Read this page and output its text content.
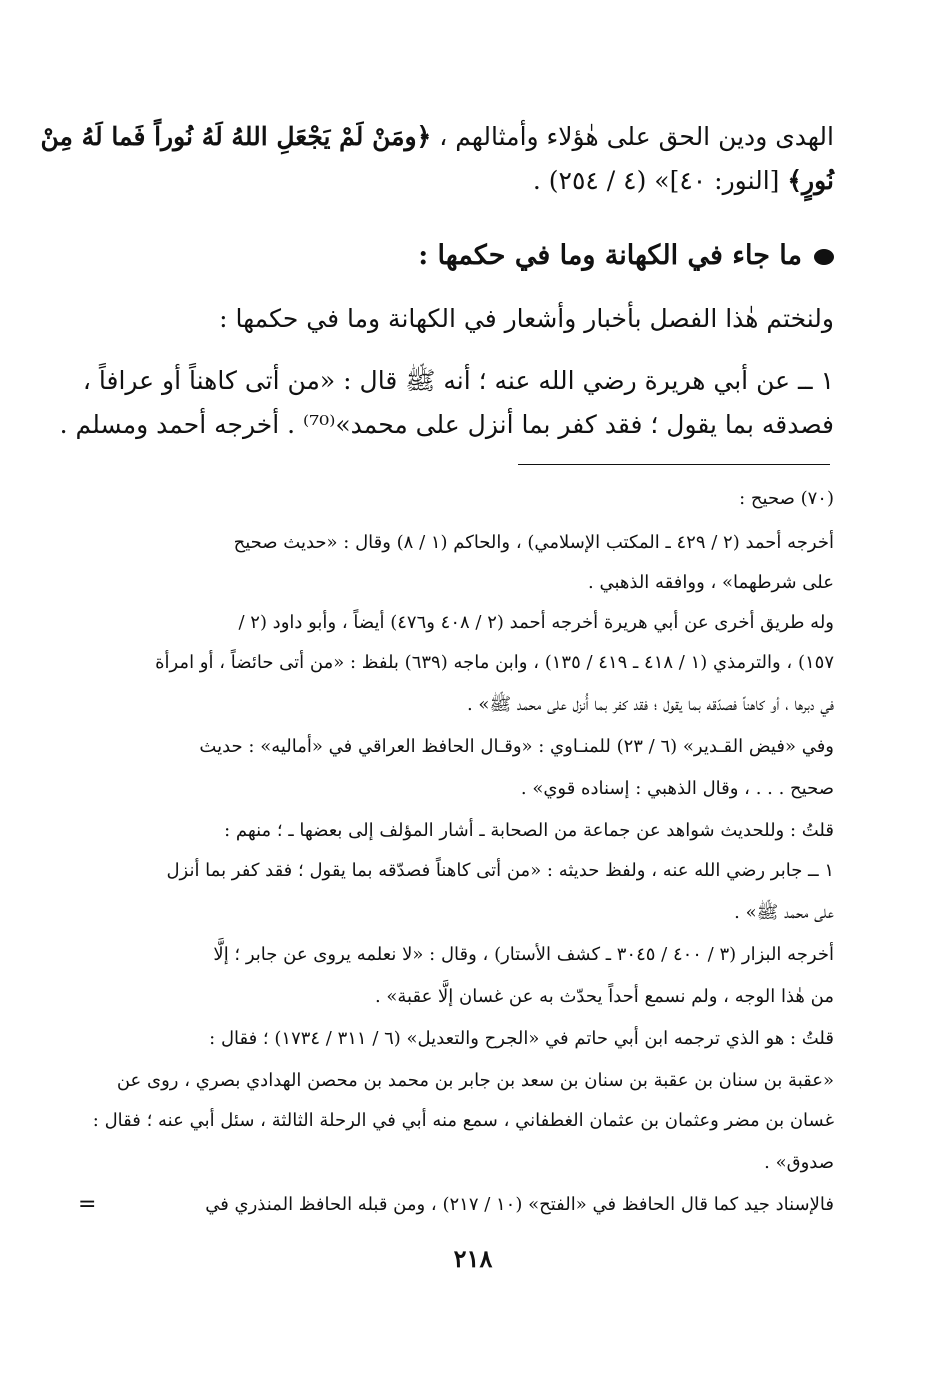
الهدى ودين الحق على هٰؤلاء وأمثالهم ، ﴿ومَنْ لَمْ يَجْعَلِ اللهُ لَهُ نُوراً فَما لَهُ مِنْ
نُورٍ﴾ [النور: ٤٠]» (٤ / ٢٥٤) .
ما جاء في الكهانة وما في حكمها :
ولنختم هٰذا الفصل بأخبار وأشعار في الكهانة وما في حكمها :
١ ــ عن أبي هريرة رضي الله عنه ؛ أنه ﷺ قال : «من أتى كاهناً أو عرافاً ،
فصدقه بما يقول ؛ فقد كفر بما أنزل على محمد»⁽⁷⁰⁾ . أخرجه أحمد ومسلم .
(٧٠) صحيح :
أخرجه أحمد (٢ / ٤٢٩ ـ المكتب الإسلامي) ، والحاكم (١ / ٨) وقال : «حديث صحيح
على شرطهما» ، ووافقه الذهبي .
وله طريق أخرى عن أبي هريرة أخرجه أحمد (٢ / ٤٠٨ و٤٧٦) أيضاً ، وأبو داود (٢ /
١٥٧) ، والترمذي (١ / ٤١٨ ـ ٤١٩ / ١٣٥) ، وابن ماجه (٦٣٩) بلفظ : «من أتى حائضاً ، أو امرأة
في دبرها ، أو كاهناً فصدّقه بما يقول ؛ فقد كفر بما أُنزل على محمد ﷺ» .
وفي «فيض القـدير» (٦ / ٢٣) للمنـاوي : «وقـال الحافظ العراقي في «أماليه» : حديث
صحيح . . . ، وقال الذهبي : إسناده قوي» .
قلتُ : وللحديث شواهد عن جماعة من الصحابة ـ أشار المؤلف إلى بعضها ـ ؛ منهم :
١ ــ جابر رضي الله عنه ، ولفظ حديثه : «من أتى كاهناً فصدّقه بما يقول ؛ فقد كفر بما أنزل
على محمد ﷺ» .
أخرجه البزار (٣ / ٤٠٠ / ٣٠٤٥ ـ كشف الأستار) ، وقال : «لا نعلمه يروى عن جابر ؛ إلَّا
من هٰذا الوجه ، ولم نسمع أحداً يحدّث به عن غسان إلَّا عقبة» .
قلتُ : هو الذي ترجمه ابن أبي حاتم في «الجرح والتعديل» (٦ / ٣١١ / ١٧٣٤) ؛ فقال :
«عقبة بن سنان بن عقبة بن سنان بن سعد بن جابر بن محمد بن محصن الهدادي بصري ، روى عن
غسان بن مضر وعثمان بن عثمان الغطفاني ، سمع منه أبي في الرحلة الثالثة ، سئل أبي عنه ؛ فقال :
صدوق» .
فالإسناد جيد كما قال الحافظ في «الفتح» (١٠ / ٢١٧) ، ومن قبله الحافظ المنذري في
=
٢١٨
